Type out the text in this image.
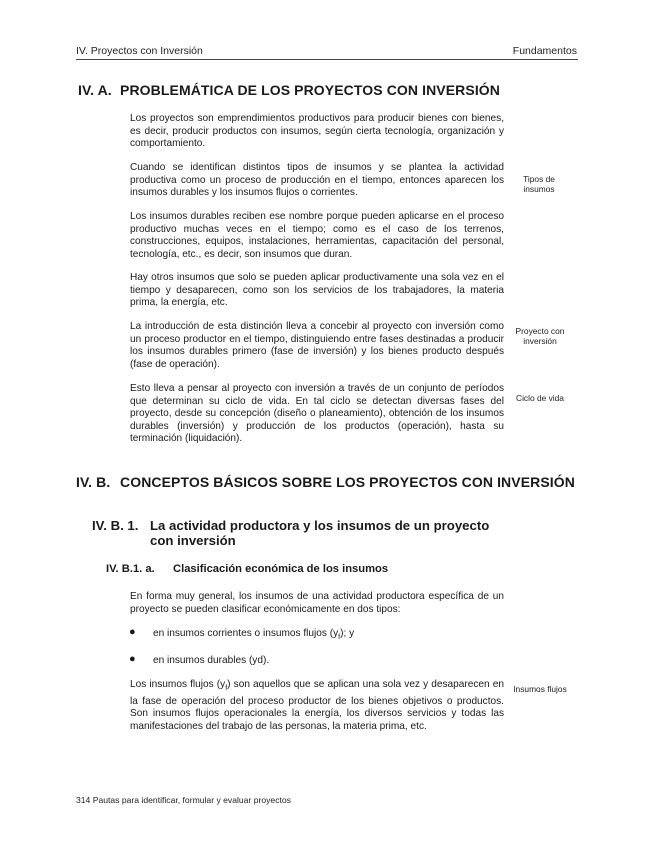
IV. Proyectos con Inversión	Fundamentos
IV. A. PROBLEMÁTICA DE LOS PROYECTOS CON INVERSIÓN
Los proyectos son emprendimientos productivos para producir bienes con bienes, es decir, producir productos con insumos, según cierta tecnología, organización y comportamiento.
Cuando se identifican distintos tipos de insumos y se plantea la actividad productiva como un proceso de producción en el tiempo, entonces aparecen los insumos durables y los insumos flujos o corrientes.
Los insumos durables reciben ese nombre porque pueden aplicarse en el proceso productivo muchas veces en el tiempo; como es el caso de los terrenos, construcciones, equipos, instalaciones, herramientas, capacitación del personal, tecnología, etc., es decir, son insumos que duran.
Hay otros insumos que solo se pueden aplicar productivamente una sola vez en el tiempo y desaparecen, como son los servicios de los trabajadores, la materia prima, la energía, etc.
La introducción de esta distinción lleva a concebir al proyecto con inversión como un proceso productor en el tiempo, distinguiendo entre fases destinadas a producir los insumos durables primero (fase de inversión) y los bienes producto después (fase de operación).
Esto lleva a pensar al proyecto con inversión a través de un conjunto de períodos que determinan su ciclo de vida. En tal ciclo se detectan diversas fases del proyecto, desde su concepción (diseño o planeamiento), obtención de los insumos durables (inversión) y producción de los productos (operación), hasta su terminación (liquidación).
Tipos de insumos
Proyecto con inversión
Ciclo de vida
Insumos flujos
IV. B. CONCEPTOS BÁSICOS SOBRE LOS PROYECTOS CON INVERSIÓN
IV. B. 1. La actividad productora y los insumos de un proyecto
con inversión
IV. B.1. a. Clasificación económica de los insumos
En forma muy general, los insumos de una actividad productora específica de un proyecto se pueden clasificar económicamente en dos tipos:
● en insumos corrientes o insumos flujos $(y_f)$; y
● en insumos durables (yd).
Los insumos flujos $(y_f)$ son aquellos que se aplican una sola vez y desaparecen en la fase de operación del proceso productor de los bienes objetivos o productos. Son insumos flujos operacionales la energía, los diversos servicios y todas las manifestaciones del trabajo de las personas, la materia prima, etc.
314 Pautas para identificar, formular y evaluar proyectos
